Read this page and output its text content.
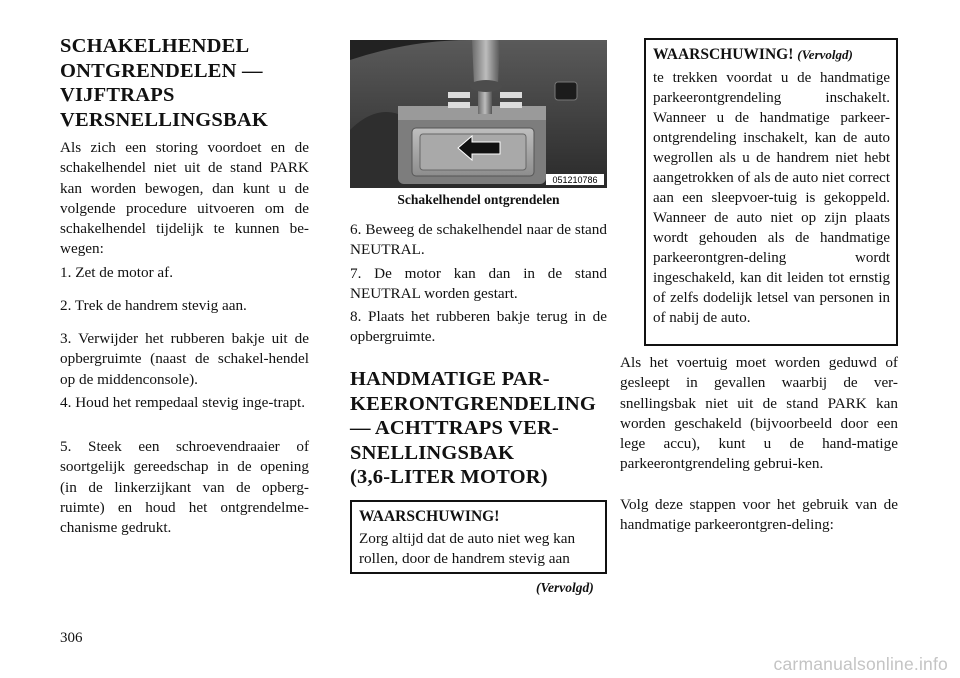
SCHAKELHENDEL
ONTGRENDELEN —
VIJFTRAPS
VERSNELLINGSBAK

Als zich een storing voordoet en de schakelhendel niet uit de stand PARK kan worden bewogen, dan kunt u de volgende procedure uitvoeren om de schakelhendel tijdelijk te kunnen be-wegen:

1. Zet de motor af.

2. Trek de handrem stevig aan.

3. Verwijder het rubberen bakje uit de opbergruimte (naast de schakel-hendel op de middenconsole).

4. Houd het rempedaal stevig inge-trapt.

5. Steek een schroevendraaier of soortgelijk gereedschap in de opening (in de linkerzijkant van de opberg-ruimte) en houd het ontgrendelme-chanisme gedrukt.

051210786
Schakelhendel ontgrendelen

6. Beweeg de schakelhendel naar de stand NEUTRAL.

7. De motor kan dan in de stand NEUTRAL worden gestart.

8. Plaats het rubberen bakje terug in de opbergruimte.

HANDMATIGE PAR-
KEERONTGRENDELING
— ACHTTRAPS VER-
SNELLINGSBAK
(3,6-LITER MOTOR)
WAARSCHUWING!

Zorg altijd dat de auto niet weg kan rollen, door de handrem stevig aan

(Vervolgd)
WAARSCHUWING! (Vervolgd)

te trekken voordat u de handmatige parkeerontgrendeling inschakelt. Wanneer u de handmatige parkeer-ontgrendeling inschakelt, kan de auto wegrollen als u de handrem niet hebt aangetrokken of als de auto niet correct aan een sleepvoer-tuig is gekoppeld. Wanneer de auto niet op zijn plaats wordt gehouden als de handmatige parkeerontgren-deling wordt ingeschakeld, kan dit leiden tot ernstig of zelfs dodelijk letsel van personen in of nabij de auto.

Als het voertuig moet worden geduwd of gesleept in gevallen waarbij de ver-snellingsbak niet uit de stand PARK kan worden geschakeld (bijvoorbeeld door een lege accu), kunt u de hand-matige parkeerontgrendeling gebrui-ken.

Volg deze stappen voor het gebruik van de handmatige parkeerontgren-deling:

306
carmanualsonline.info
